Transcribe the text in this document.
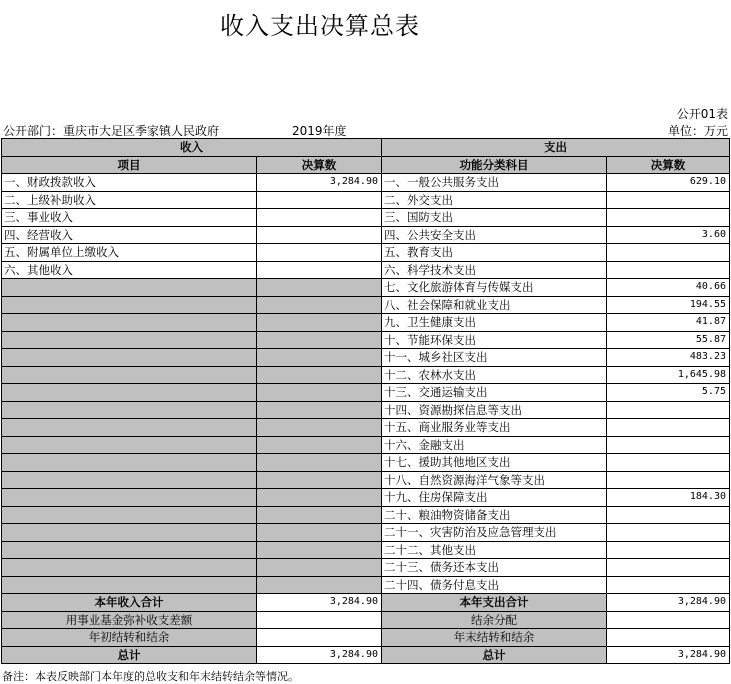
收入支出决算总表
公开01表
公开部门：重庆市大足区季家镇人民政府	2019年度	单位：万元
收入		支出	
项目	决算数	功能分类科目	决算数
一、财政拨款收入	3,284.90	一、一般公共服务支出	629.10
二、上级补助收入		二、外交支出	
三、事业收入		三、国防支出	
四、经营收入		四、公共安全支出	3.60
五、附属单位上缴收入		五、教育支出	
六、其他收入		六、科学技术支出	
		七、文化旅游体育与传媒支出	40.66
		八、社会保障和就业支出	194.55
		九、卫生健康支出	41.87
		十、节能环保支出	55.87
		十一、城乡社区支出	483.23
		十二、农林水支出	1,645.98
		十三、交通运输支出	5.75
		十四、资源勘探信息等支出	
		十五、商业服务业等支出	
		十六、金融支出	
		十七、援助其他地区支出	
		十八、自然资源海洋气象等支出	
		十九、住房保障支出	184.30
		二十、粮油物资储备支出	
		二十一、灾害防治及应急管理支出	
		二十二、其他支出	
		二十三、债务还本支出	
		二十四、债务付息支出	
本年收入合计	3,284.90	本年支出合计	3,284.90
用事业基金弥补收支差额		结余分配	
年初结转和结余		年末结转和结余	
总计	3,284.90	总计	3,284.90
备注：本表反映部门本年度的总收支和年末结转结余等情况。
